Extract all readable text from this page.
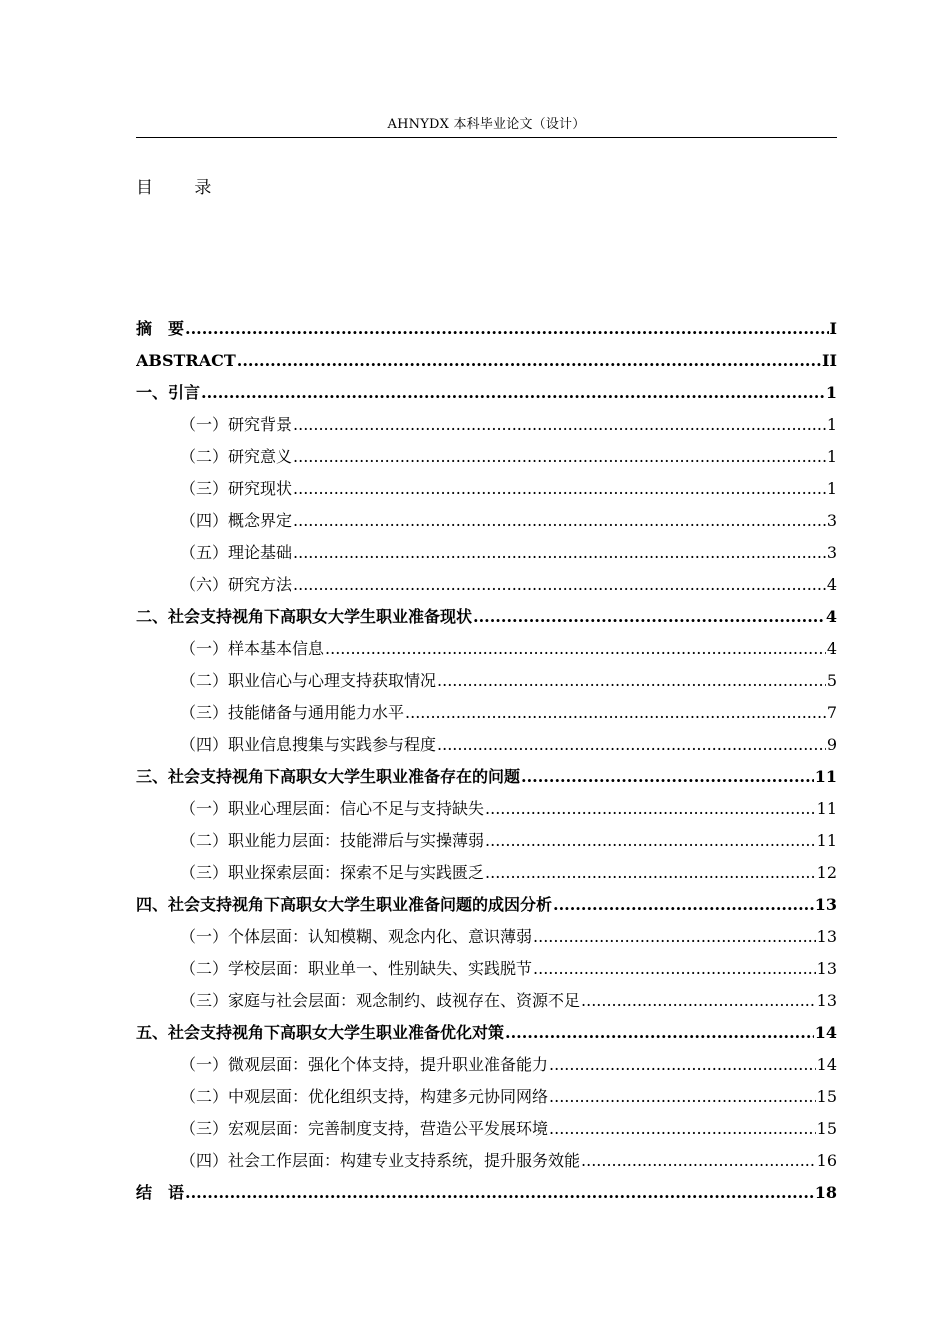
AHNYDX 本科毕业论文（设计）
目 录
摘　要 .....	I
ABSTRACT .....	II
一、引言 .....	1
（一）研究背景 .....	1
（二）研究意义 .....	1
（三）研究现状 .....	1
（四）概念界定 .....	3
（五）理论基础 .....	3
（六）研究方法 .....	4
二、社会支持视角下高职女大学生职业准备现状 .....	4
（一）样本基本信息 .....	4
（二）职业信心与心理支持获取情况 .....	5
（三）技能储备与通用能力水平 .....	7
（四）职业信息搜集与实践参与程度 .....	9
三、社会支持视角下高职女大学生职业准备存在的问题 .....	11
（一）职业心理层面：信心不足与支持缺失 .....	11
（二）职业能力层面：技能滞后与实操薄弱 .....	11
（三）职业探索层面：探索不足与实践匮乏 .....	12
四、社会支持视角下高职女大学生职业准备问题的成因分析 .....	13
（一）个体层面：认知模糊、观念内化、意识薄弱 .....	13
（二）学校层面：职业单一、性别缺失、实践脱节 .....	13
（三）家庭与社会层面：观念制约、歧视存在、资源不足 .....	13
五、社会支持视角下高职女大学生职业准备优化对策 .....	14
（一）微观层面：强化个体支持，提升职业准备能力 .....	14
（二）中观层面：优化组织支持，构建多元协同网络 .....	15
（三）宏观层面：完善制度支持，营造公平发展环境 .....	15
（四）社会工作层面：构建专业支持系统，提升服务效能 .....	16
结　语 .....	18
